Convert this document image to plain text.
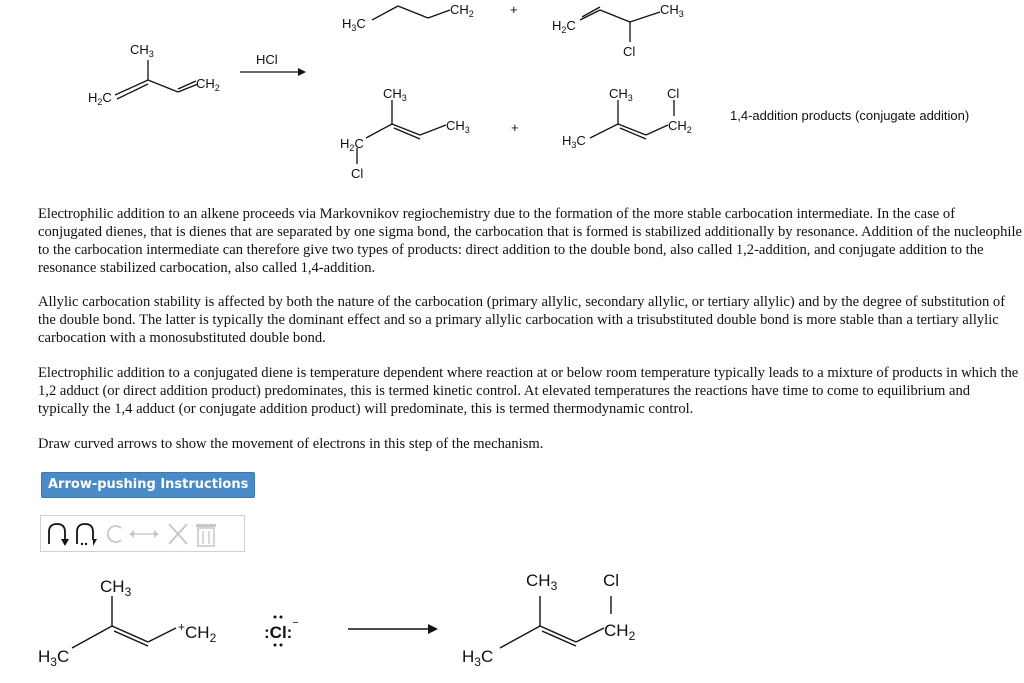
$CH_3$
$H_2C$
$CH_2$
HCl
$H_3C$
$CH_2$	+
$H_2C$
$CH_3$
Cl
$CH_3$
$H_2C$
$CH_3$
Cl
+
$CH_3$	Cl
$H_3C$
$CH_2$
1,4-addition products (conjugate addition)

Electrophilic addition to an alkene proceeds via Markovnikov regiochemistry due to the formation of the more stable carbocation intermediate. In the case of conjugated dienes, that is dienes that are separated by one sigma bond, the carbocation that is formed is stabilized additionally by resonance. Addition of the nucleophile to the carbocation intermediate can therefore give two types of products: direct addition to the double bond, also called 1,2-addition, and conjugate addition to the resonance stabilized carbocation, also called 1,4-addition.

Allylic carbocation stability is affected by both the nature of the carbocation (primary allylic, secondary allylic, or tertiary allylic) and by the degree of substitution of the double bond. The latter is typically the dominant effect and so a primary allylic carbocation with a trisubstituted double bond is more stable than a tertiary allylic carbocation with a monosubstituted double bond.

Electrophilic addition to a conjugated diene is temperature dependent where reaction at or below room temperature typically leads to a mixture of products in which the 1,2 adduct (or direct addition product) predominates, this is termed kinetic control. At elevated temperatures the reactions have time to come to equilibrium and typically the 1,4 adduct (or conjugate addition product) will predominate, this is termed thermodynamic control.

Draw curved arrows to show the movement of electrons in this step of the mechanism.

Arrow-pushing Instructions
$CH_3$
$H_3C$
$^+CH_2$	:Cl:−
$CH_3$	Cl
$H_3C$
$CH_2$
